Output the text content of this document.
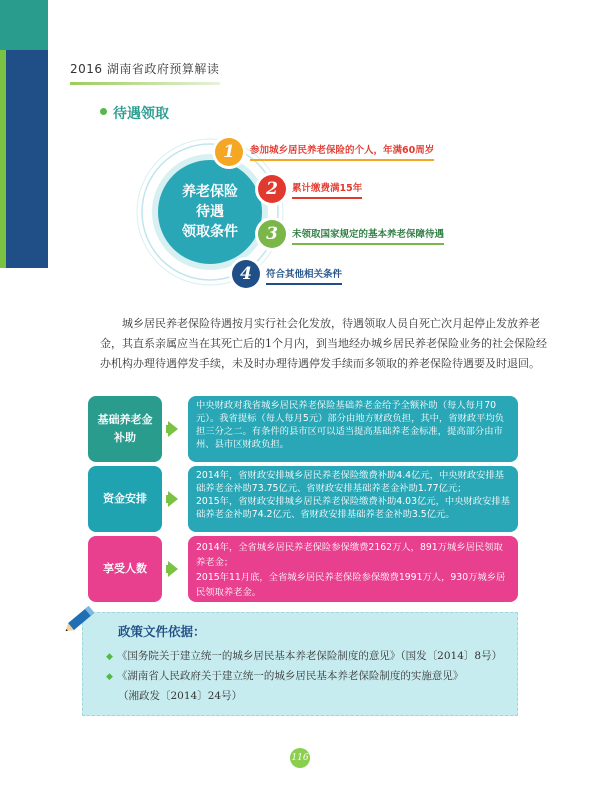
2016 湖南省政府预算解读
待遇领取
养老保险
待遇
领取条件
1	参加城乡居民养老保险的个人，年满60周岁
2	累计缴费满15年
3	未领取国家规定的基本养老保障待遇
4	符合其他相关条件

城乡居民养老保险待遇按月实行社会化发放，待遇领取人员自死亡次月起停止发放养老金，其直系亲属应当在其死亡后的1个月内，到当地经办城乡居民养老保险业务的社会保险经办机构办理待遇停发手续，未及时办理待遇停发手续而多领取的养老保险待遇要及时退回。

基础养老金补助

中央财政对我省城乡居民养老保险基础养老金给予全额补助（每人每月70元）。我省提标（每人每月5元）部分由地方财政负担，其中，省财政平均负担三分之二。有条件的县市区可以适当提高基础养老金标准，提高部分由市州、县市区财政负担。

资金安排

2014年，省财政安排城乡居民养老保险缴费补助4.4亿元，中央财政安排基础养老金补助73.75亿元、省财政安排基础养老金补助1.77亿元；

2015年，省财政安排城乡居民养老保险缴费补助4.03亿元，中央财政安排基础养老金补助74.2亿元、省财政安排基础养老金补助3.5亿元。

享受人数

2014年，全省城乡居民养老保险参保缴费2162万人，891万城乡居民领取养老金；

2015年11月底，全省城乡居民养老保险参保缴费1991万人，930万城乡居民领取养老金。

政策文件依据：
◆ 《国务院关于建立统一的城乡居民基本养老保险制度的意见》（国发〔2014〕8号）
◆ 《湖南省人民政府关于建立统一的城乡居民基本养老保险制度的实施意见》
（湘政发〔2014〕24号）
116
